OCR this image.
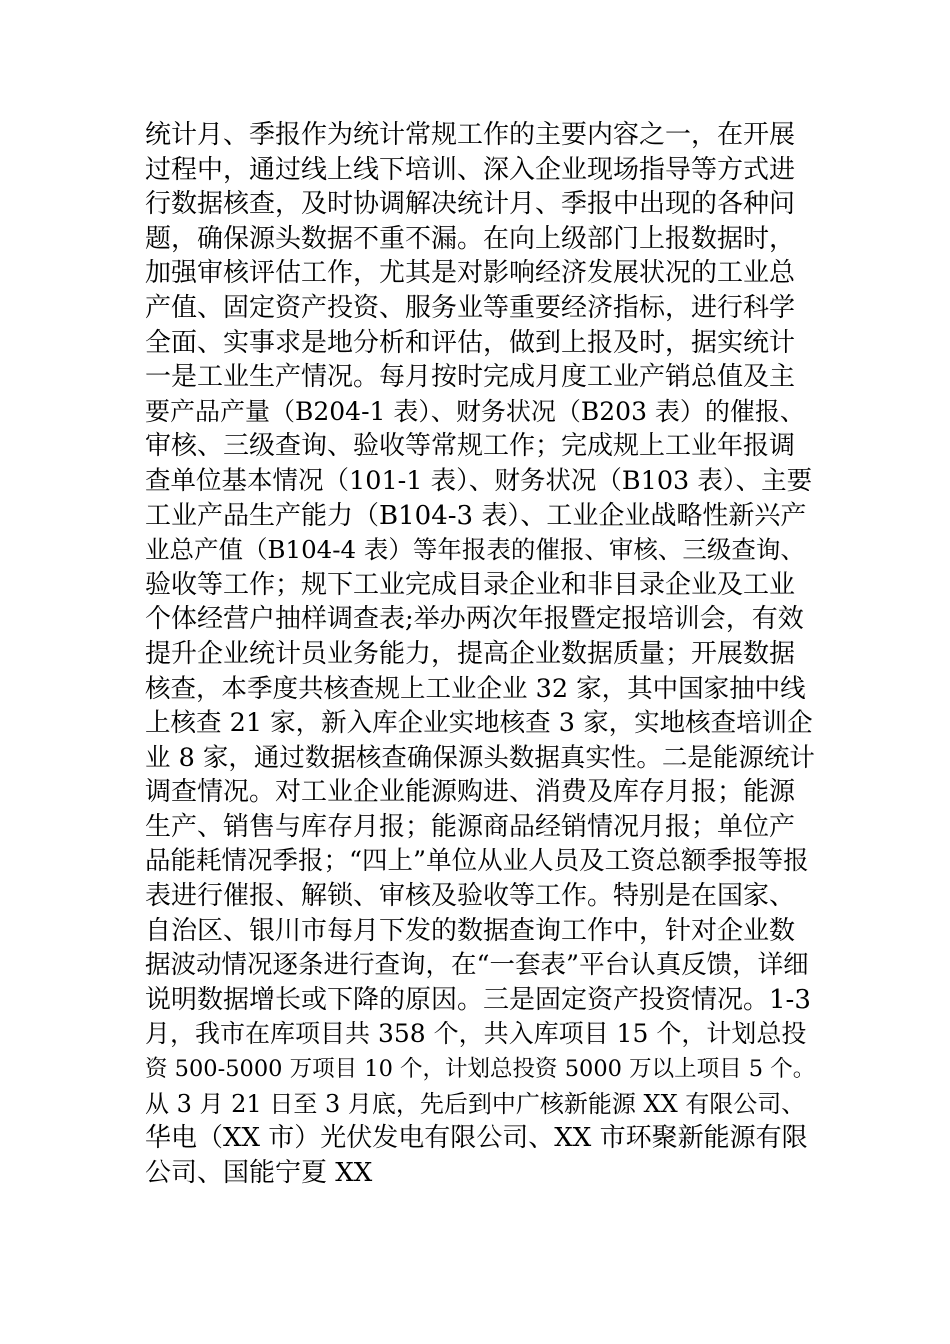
统计月、季报作为统计常规工作的主要内容之一，在开展
过程中，通过线上线下培训、深入企业现场指导等方式进
行数据核查，及时协调解决统计月、季报中出现的各种问
题，确保源头数据不重不漏。在向上级部门上报数据时，
加强审核评估工作，尤其是对影响经济发展状况的工业总
产值、固定资产投资、服务业等重要经济指标，进行科学
全面、实事求是地分析和评估，做到上报及时，据实统计
一是工业生产情况。每月按时完成月度工业产销总值及主
要产品产量（B204-1 表）、财务状况（B203 表）的催报、
审核、三级查询、验收等常规工作；完成规上工业年报调
查单位基本情况（101-1 表）、财务状况（B103 表）、主要
工业产品生产能力（B104-3 表）、工业企业战略性新兴产
业总产值（B104-4 表）等年报表的催报、审核、三级查询、
验收等工作；规下工业完成目录企业和非目录企业及工业
个体经营户抽样调查表;举办两次年报暨定报培训会，有效
提升企业统计员业务能力，提高企业数据质量；开展数据
核查，本季度共核查规上工业企业 32 家，其中国家抽中线
上核查 21 家，新入库企业实地核查 3 家，实地核查培训企
业 8 家，通过数据核查确保源头数据真实性。二是能源统计
调查情况。对工业企业能源购进、消费及库存月报；能源
生产、销售与库存月报；能源商品经销情况月报；单位产
品能耗情况季报；“四上”单位从业人员及工资总额季报等报
表进行催报、解锁、审核及验收等工作。特别是在国家、
自治区、银川市每月下发的数据查询工作中，针对企业数
据波动情况逐条进行查询，在“一套表”平台认真反馈，详细
说明数据增长或下降的原因。三是固定资产投资情况。1-3
月，我市在库项目共 358 个，共入库项目 15 个，计划总投
资 500-5000 万项目 10 个，计划总投资 5000 万以上项目 5 个。
从 3 月 21 日至 3 月底，先后到中广核新能源 XX 有限公司、
华电（XX 市）光伏发电有限公司、XX 市环聚新能源有限
公司、国能宁夏 XX
